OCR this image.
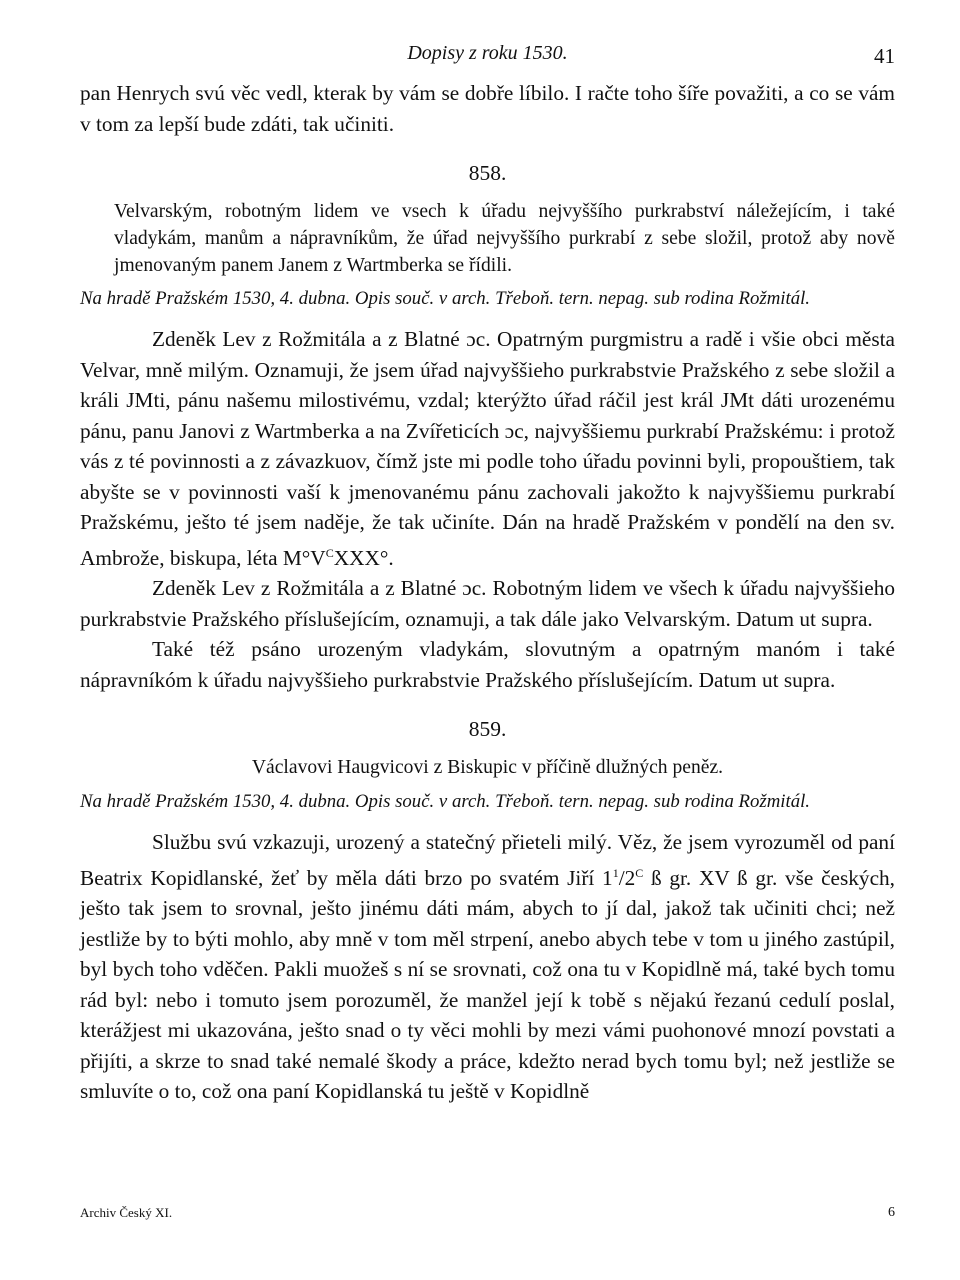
Dopisy z roku 1530.	41

pan Henrych svú věc vedl, kterak by vám se dobře líbilo. I račte toho šíře považiti, a co se vám v tom za lepší bude zdáti, tak učiniti.

858.

Velvarským, robotným lidem ve vsech k úřadu nejvyššího purkrabství náležejícím, i také vladykám, manům a nápravníkům, že úřad nejvyššího purkrabí z sebe složil, protož aby nově jmenovaným panem Janem z Wartmberka se řídili.

Na hradě Pražském 1530, 4. dubna. Opis souč. v arch. Třeboň. tern. nepag. sub rodina Rožmitál.

Zdeněk Lev z Rožmitála a z Blatné ɔc. Opatrným purgmistru a radě i všie obci města Velvar, mně milým. Oznamuji, že jsem úřad najvyššieho purkrabstvie Pražského z sebe složil a králi JMti, pánu našemu milostivému, vzdal; kterýžto úřad ráčil jest král JMt dáti urozenému pánu, panu Janovi z Wartmberka a na Zvířeticích ɔc, najvyššiemu purkrabí Pražskému: i protož vás z té povinnosti a z závazkuov, čímž jste mi podle toho úřadu povinni byli, propouštiem, tak abyšte se v povinnosti vaší k jmenovanému pánu zachovali jakožto k najvyššiemu purkrabí Pražskému, ješto té jsem naděje, že tak učiníte. Dán na hradě Pražském v pondělí na den sv. Ambrože, biskupa, léta $M^\circ V^CXXX^\circ$.

Zdeněk Lev z Rožmitála a z Blatné ɔc. Robotným lidem ve všech k úřadu najvyššieho purkrabstvie Pražského příslušejícím, oznamuji, a tak dále jako Velvarským. Datum ut supra.

Také též psáno urozeným vladykám, slovutným a opatrným manóm i také nápravníkóm k úřadu najvyššieho purkrabstvie Pražského příslušejícím. Datum ut supra.

859.
Václavovi Haugvicovi z Biskupic v příčině dlužných peněz.
Na hradě Pražském 1530, 4. dubna. Opis souč. v arch. Třeboň. tern. nepag. sub rodina Rožmitál.

Službu svú vzkazuji, urozený a statečný přieteli milý. Věz, že jsem vyrozuměl od paní Beatrix Kopidlanské, žeť by měla dáti brzo po svatém Jiří $1^1/2^C$ ß gr. XV ß gr. vše českých, ješto tak jsem to srovnal, ješto jinému dáti mám, abych to jí dal, jakož tak učiniti chci; než jestliže by to býti mohlo, aby mně v tom měl strpení, anebo abych tebe v tom u jiného zastúpil, byl bych toho vděčen. Pakli muožeš s ní se srovnati, což ona tu v Kopidlně má, také bych tomu rád byl: nebo i tomuto jsem porozuměl, že manžel její k tobě s nějakú řezanú cedulí poslal, kterážjest mi ukazována, ješto snad o ty věci mohli by mezi vámi puohonové mnozí povstati a přijíti, a skrze to snad také nemalé škody a práce, kdežto nerad bych tomu byl; než jestliže se smluvíte o to, což ona paní Kopidlanská tu ještě v Kopidlně

Archiv Český XI.	6
